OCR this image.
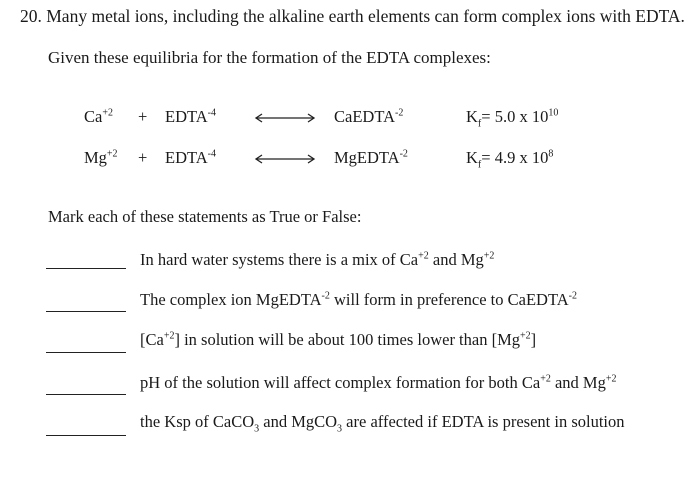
20. Many metal ions, including the alkaline earth elements can form complex ions with EDTA.
Given these equilibria for the formation of the EDTA complexes:
$Ca^{+2}$ + $EDTA^{-4}$	CaEDTA$^{-2}$	$K_f= 5.0$ x $10^{10}$
$Mg^{+2}$ + $EDTA^{-4}$	MgEDTA$^{-2}$	$K_f= 4.9$ x $10^8$
Mark each of these statements as True or False:
In hard water systems there is a mix of $Ca^{+2}$ and $Mg^{+2}$
The complex ion MgEDTA$^{-2}$ will form in preference to CaEDTA$^{-2}$
$[Ca^{+2}]$ in solution will be about 100 times lower than $[Mg^{+2}]$
pH of the solution will affect complex formation for both $Ca^{+2}$ and $Mg^{+2}$
the Ksp of CaCO$_3$ and MgCO$_3$ are affected if EDTA is present in solution
